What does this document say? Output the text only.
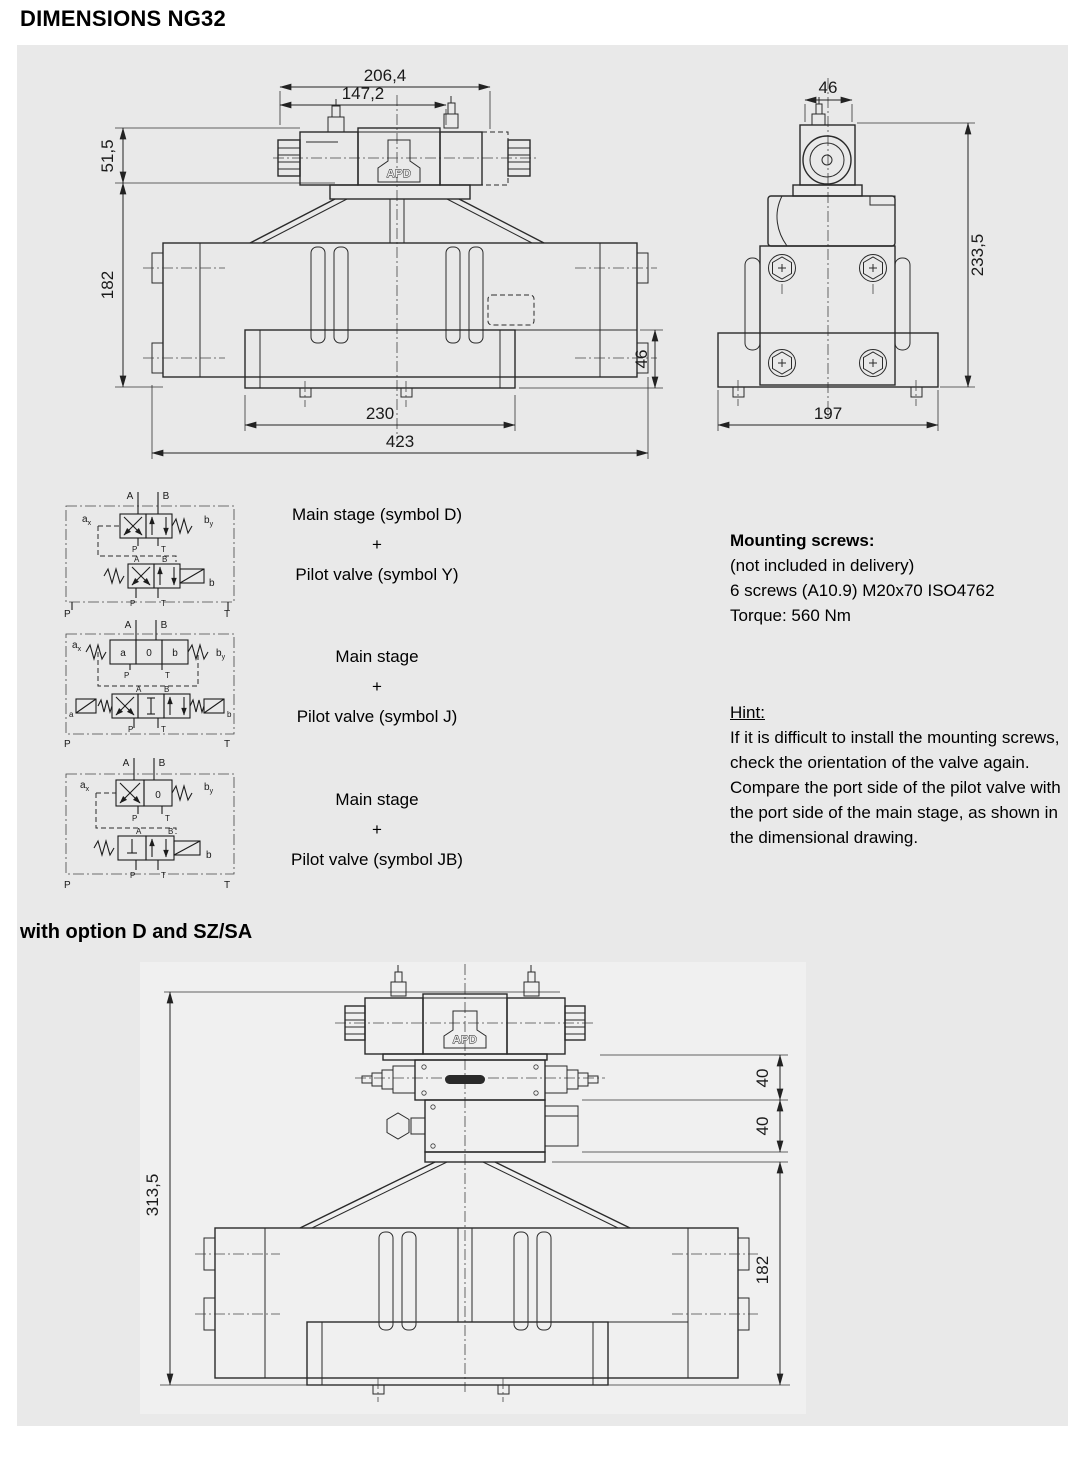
DIMENSIONS NG32
206,4
147,2
51,5
182
APD
46
230
423
46
233,5
197
A	B
$b_y$
$a_x$
P	T
b
A	B
P	T
P	T
A	B
a 0 b
$a_x$	$b_y$
P	T
a	b
A	B
P	T
P	T
A	B
0
$b_y$
$a_x$
P	T
b
A	B
P	T
P	T
Main stage (symbol D)
+
Pilot valve (symbol Y)
Main stage
+
Pilot valve (symbol J)
Main stage
+
Pilot valve (symbol JB)
Mounting screws:
(not included in delivery)
6 screws (A10.9) M20x70 ISO4762
Torque: 560 Nm
Hint:
If it is difficult to install the mounting screws, check the orientation of the valve again. Compare the port side of the pilot valve with the port side of the main stage, as shown in the dimensional drawing.
with option D and SZ/SA
313,5
APD
40
40
182
